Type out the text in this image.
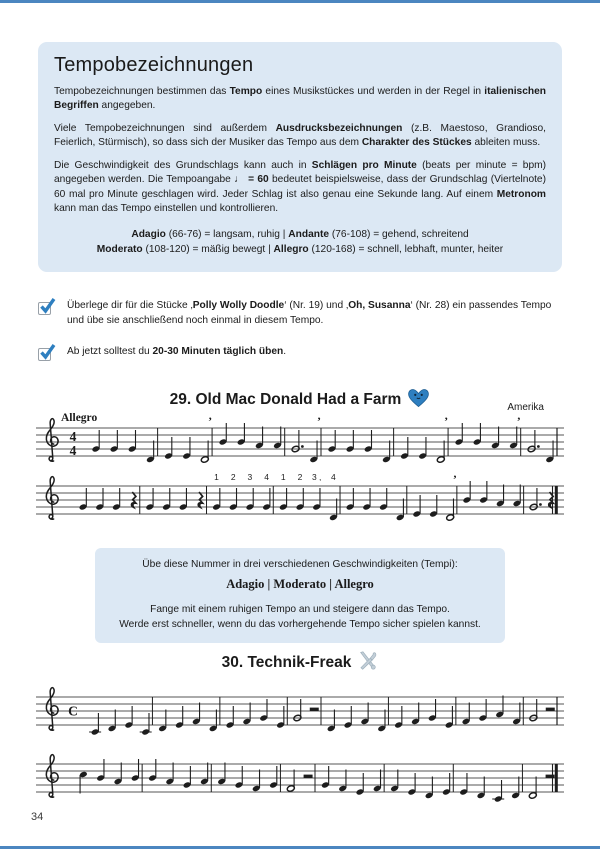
Tempobezeichnungen

Tempobezeichnungen bestimmen das Tempo eines Musikstückes und werden in der Regel in italienischen Begriffen angegeben.

Viele Tempobezeichnungen sind außerdem Ausdrucksbezeichnungen (z.B. Maestoso, Grandioso, Feierlich, Stürmisch), so dass sich der Musiker das Tempo aus dem Charakter des Stückes ableiten muss.

Die Geschwindigkeit des Grundschlags kann auch in Schlägen pro Minute (beats per minute = bpm) angegeben werden. Die Tempoangabe ♩ = 60 bedeutet beispielsweise, dass der Grundschlag (Viertelnote) 60 mal pro Minute geschlagen wird. Jeder Schlag ist also genau eine Sekunde lang. Auf einem Metronom kann man das Tempo einstellen und kontrollieren.

Adagio (66-76) = langsam, ruhig | Andante (76-108) = gehend, schreitend
Moderato (108-120) = mäßig bewegt | Allegro (120-168) = schnell, lebhaft, munter, heiter
Überlege dir für die Stücke ‚Polly Wolly Doodle‘ (Nr. 19) und ‚Oh, Susanna‘ (Nr. 28) ein passendes Tempo und übe sie anschließend noch einmal in diesem Tempo.
Ab jetzt solltest du 20-30 Minuten täglich üben.
29. Old Mac Donald Had a Farm	Amerika
Allegro
4
4
’	’	’	’
1 2 3 4 1 2 3 , 4	’
Übe diese Nummer in drei verschiedenen Geschwindigkeiten (Tempi):
Adagio | Moderato | Allegro
Fange mit einem ruhigen Tempo an und steigere dann das Tempo.
Werde erst schneller, wenn du das vorhergehende Tempo sicher spielen kannst.
30. Technik-Freak
C
34
